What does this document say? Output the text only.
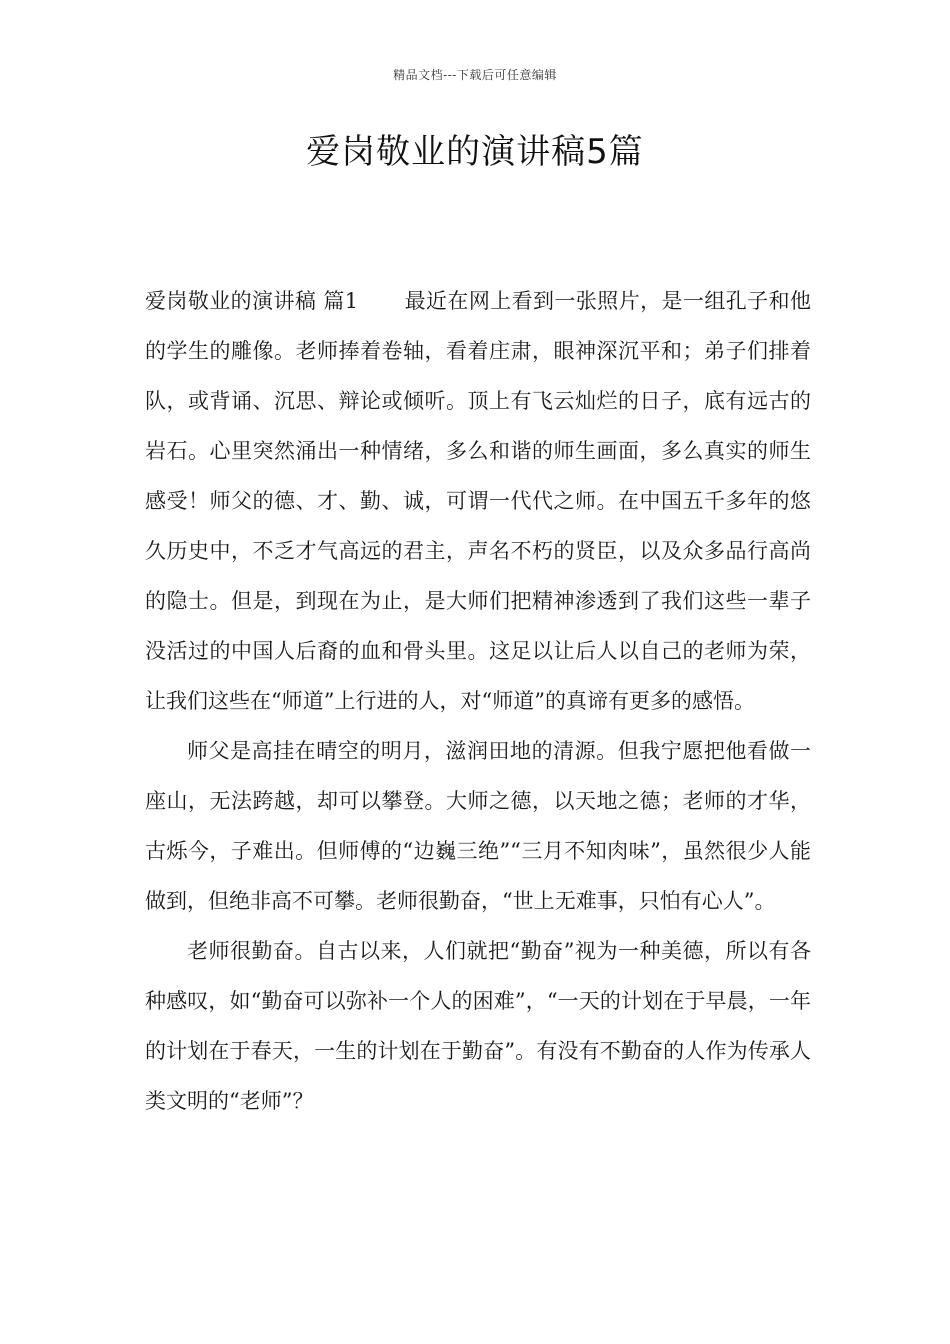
精品文档---下载后可任意编辑
爱岗敬业的演讲稿5篇

爱岗敬业的演讲稿 篇1 最近在网上看到一张照片，是一组孔子和他的学生的雕像。老师捧着卷轴，看着庄肃，眼神深沉平和；弟子们排着队，或背诵、沉思、辩论或倾听。顶上有飞云灿烂的日子，底有远古的岩石。心里突然涌出一种情绪，多么和谐的师生画面，多么真实的师生感受！师父的德、才、勤、诚，可谓一代代之师。在中国五千多年的悠久历史中，不乏才气高远的君主，声名不朽的贤臣，以及众多品行高尚的隐士。但是，到现在为止，是大师们把精神渗透到了我们这些一辈子没活过的中国人后裔的血和骨头里。这足以让后人以自己的老师为荣，让我们这些在“师道”上行进的人，对“师道”的真谛有更多的感悟。

师父是高挂在晴空的明月，滋润田地的清源。但我宁愿把他看做一座山，无法跨越，却可以攀登。大师之德，以天地之德；老师的才华，古烁今，子难出。但师傅的“边巍三绝”“三月不知肉味”，虽然很少人能做到，但绝非高不可攀。老师很勤奋，“世上无难事，只怕有心人”。

老师很勤奋。自古以来，人们就把“勤奋”视为一种美德，所以有各种感叹，如“勤奋可以弥补一个人的困难”，“一天的计划在于早晨，一年的计划在于春天，一生的计划在于勤奋”。有没有不勤奋的人作为传承人类文明的“老师”？
